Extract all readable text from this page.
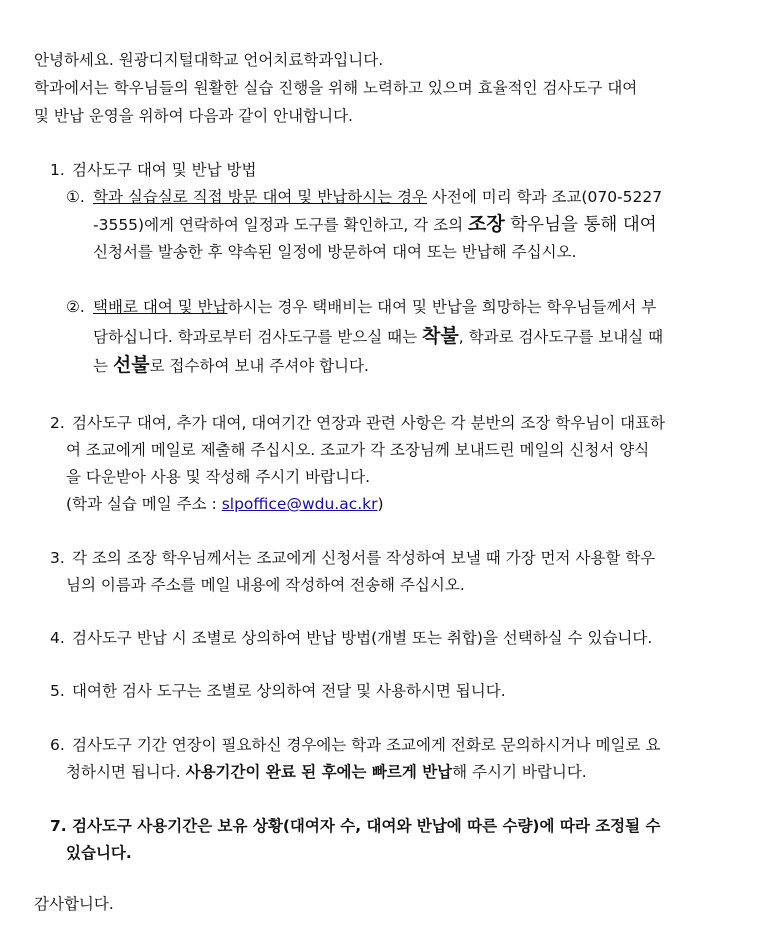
안녕하세요. 원광디지털대학교 언어치료학과입니다.
학과에서는 학우님들의 원활한 실습 진행을 위해 노력하고 있으며 효율적인 검사도구 대여
및 반납 운영을 위하여 다음과 같이 안내합니다.
1. 검사도구 대여 및 반납 방법
①. 학과 실습실로 직접 방문 대여 및 반납하시는 경우 사전에 미리 학과 조교(070-5227
-3555)에게 연락하여 일정과 도구를 확인하고, 각 조의 조장 학우님을 통해 대여
신청서를 발송한 후 약속된 일정에 방문하여 대여 또는 반납해 주십시오.
②. 택배로 대여 및 반납하시는 경우 택배비는 대여 및 반납을 희망하는 학우님들께서 부
담하십니다. 학과로부터 검사도구를 받으실 때는 착불, 학과로 검사도구를 보내실 때
는 선불로 접수하여 보내 주셔야 합니다.
2. 검사도구 대여, 추가 대여, 대여기간 연장과 관련 사항은 각 분반의 조장 학우님이 대표하
여 조교에게 메일로 제출해 주십시오. 조교가 각 조장님께 보내드린 메일의 신청서 양식
을 다운받아 사용 및 작성해 주시기 바랍니다.
(학과 실습 메일 주소 : slpoffice@wdu.ac.kr)
3. 각 조의 조장 학우님께서는 조교에게 신청서를 작성하여 보낼 때 가장 먼저 사용할 학우
님의 이름과 주소를 메일 내용에 작성하여 전송해 주십시오.
4. 검사도구 반납 시 조별로 상의하여 반납 방법(개별 또는 취합)을 선택하실 수 있습니다.
5. 대여한 검사 도구는 조별로 상의하여 전달 및 사용하시면 됩니다.
6. 검사도구 기간 연장이 필요하신 경우에는 학과 조교에게 전화로 문의하시거나 메일로 요
청하시면 됩니다. 사용기간이 완료 된 후에는 빠르게 반납해 주시기 바랍니다.
7. 검사도구 사용기간은 보유 상황(대여자 수, 대여와 반납에 따른 수량)에 따라 조정될 수
있습니다.
감사합니다.
